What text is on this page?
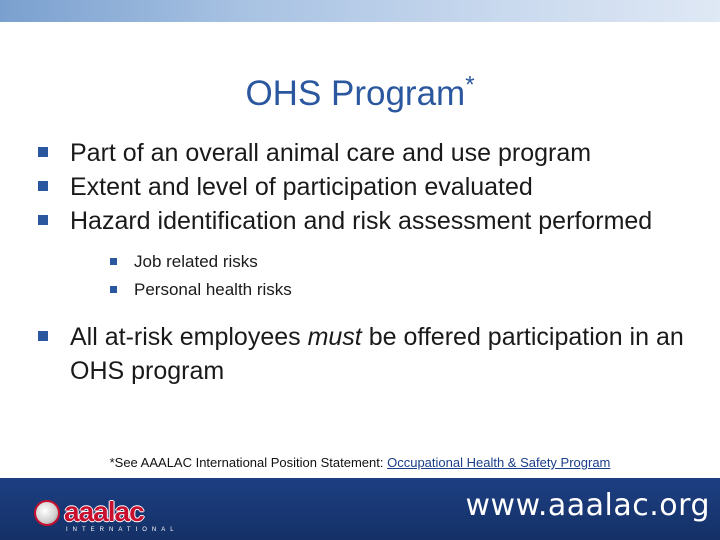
OHS Program*
Part of an overall animal care and use program
Extent and level of participation evaluated
Hazard identification and risk assessment performed
Job related risks
Personal health risks
All at-risk employees must be offered participation in an OHS program
*See AAALAC International Position Statement: Occupational Health & Safety Program
aaalac
INTERNATIONAL
www.aaalac.org
